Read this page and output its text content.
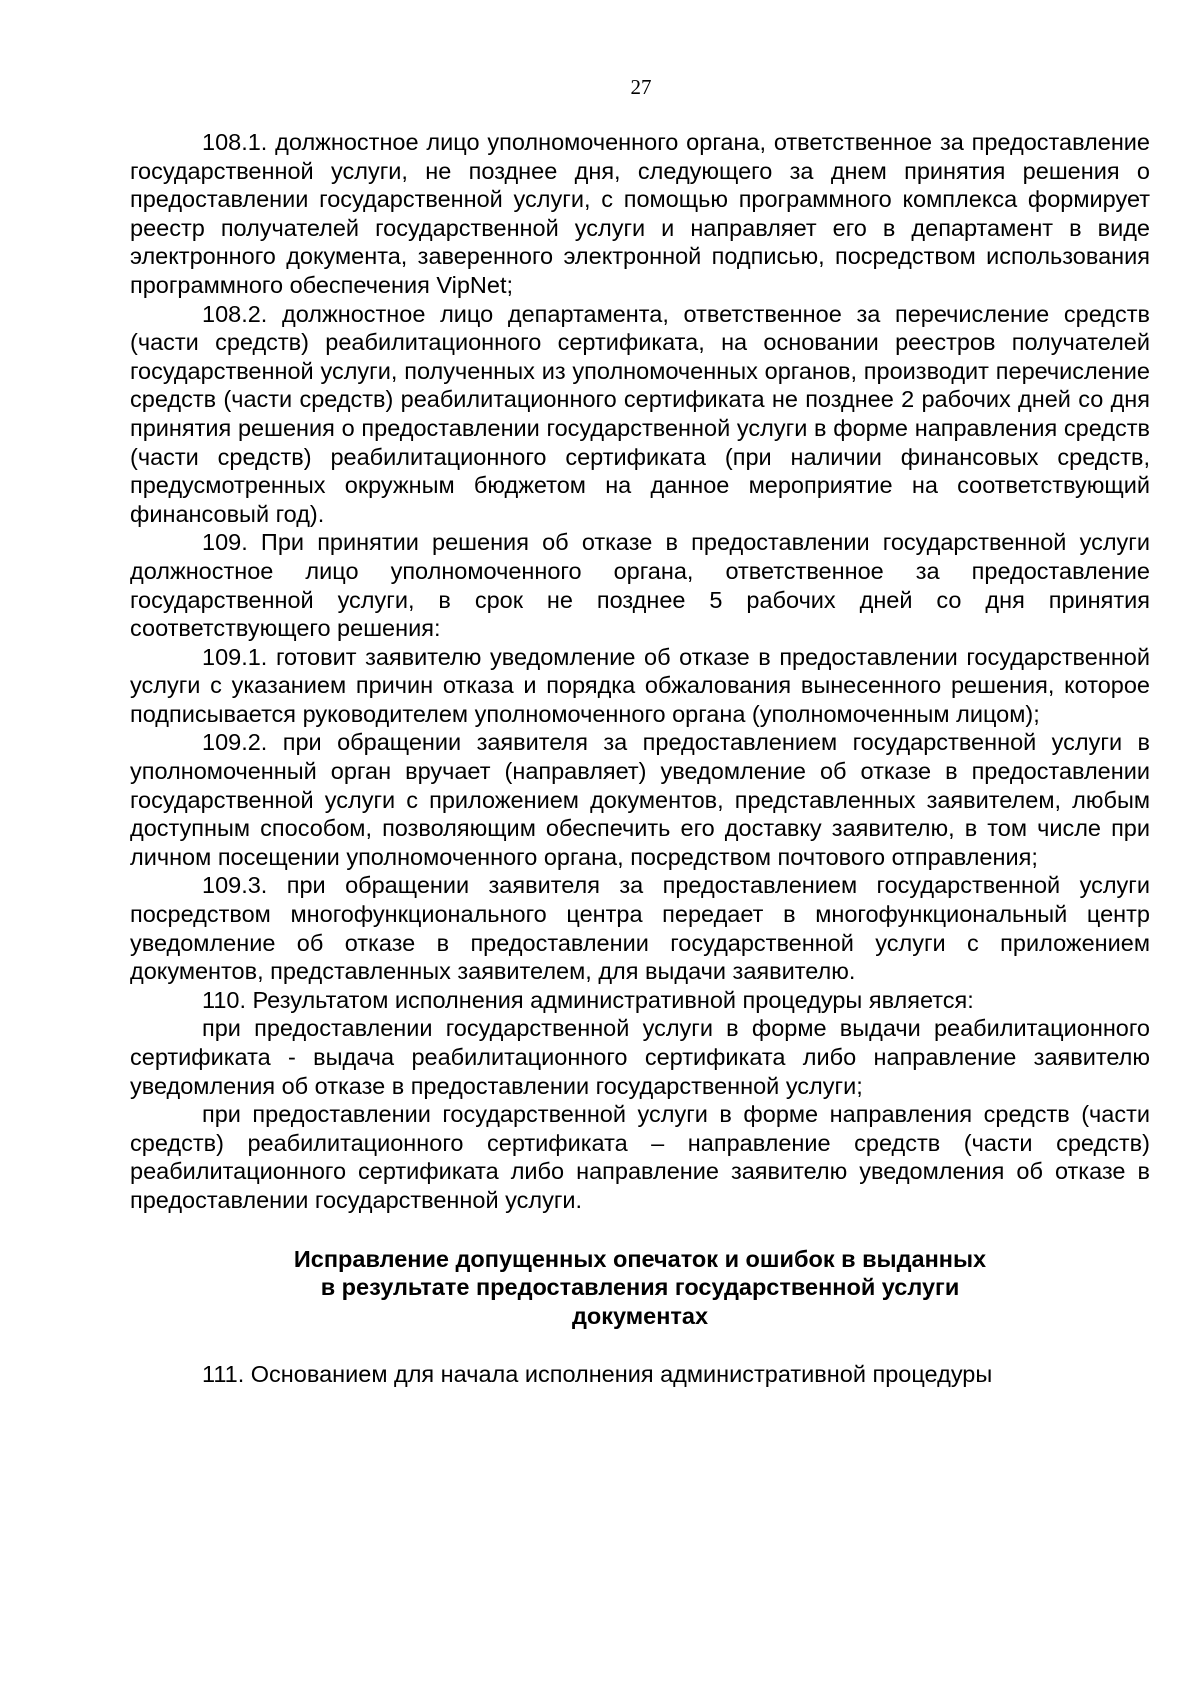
27

108.1. должностное лицо уполномоченного органа, ответственное за предоставление государственной услуги, не позднее дня, следующего за днем принятия решения о предоставлении государственной услуги, с помощью программного комплекса формирует реестр получателей государственной услуги и направляет его в департамент в виде электронного документа, заверенного электронной подписью, посредством использования программного обеспечения VipNet;

108.2. должностное лицо департамента, ответственное за перечисление средств (части средств) реабилитационного сертификата, на основании реестров получателей государственной услуги, полученных из уполномоченных органов, производит перечисление средств (части средств) реабилитационного сертификата не позднее 2 рабочих дней со дня принятия решения о предоставлении государственной услуги в форме направления средств (части средств) реабилитационного сертификата (при наличии финансовых средств, предусмотренных окружным бюджетом на данное мероприятие на соответствующий финансовый год).

109. При принятии решения об отказе в предоставлении государственной услуги должностное лицо уполномоченного органа, ответственное за предоставление государственной услуги, в срок не позднее 5 рабочих дней со дня принятия соответствующего решения:

109.1. готовит заявителю уведомление об отказе в предоставлении государственной услуги с указанием причин отказа и порядка обжалования вынесенного решения, которое подписывается руководителем уполномоченного органа (уполномоченным лицом);

109.2. при обращении заявителя за предоставлением государственной услуги в уполномоченный орган вручает (направляет) уведомление об отказе в предоставлении государственной услуги с приложением документов, представленных заявителем, любым доступным способом, позволяющим обеспечить его доставку заявителю, в том числе при личном посещении уполномоченного органа, посредством почтового отправления;

109.3. при обращении заявителя за предоставлением государственной услуги посредством многофункционального центра передает в многофункциональный центр уведомление об отказе в предоставлении государственной услуги с приложением документов, представленных заявителем, для выдачи заявителю.

110. Результатом исполнения административной процедуры является:

при предоставлении государственной услуги в форме выдачи реабилитационного сертификата - выдача реабилитационного сертификата либо направление заявителю уведомления об отказе в предоставлении государственной услуги;

при предоставлении государственной услуги в форме направления средств (части средств) реабилитационного сертификата – направление средств (части средств) реабилитационного сертификата либо направление заявителю уведомления об отказе в предоставлении государственной услуги.

Исправление допущенных опечаток и ошибок в выданных
в результате предоставления государственной услуги
документах

111. Основанием для начала исполнения административной процедуры
